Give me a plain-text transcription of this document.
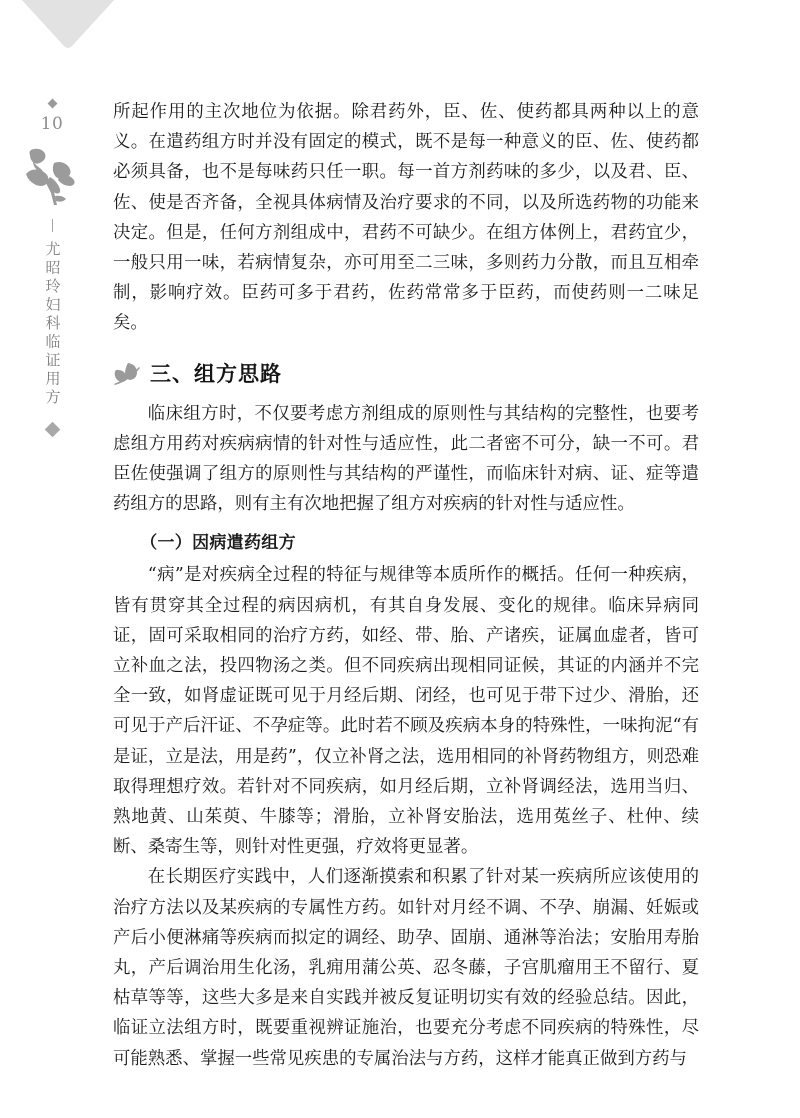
10
尤昭玲妇科临证用方

所起作用的主次地位为依据。除君药外，臣、佐、使药都具两种以上的意义。在遣药组方时并没有固定的模式，既不是每一种意义的臣、佐、使药都必须具备，也不是每味药只任一职。每一首方剂药味的多少，以及君、臣、佐、使是否齐备，全视具体病情及治疗要求的不同，以及所选药物的功能来决定。但是，任何方剂组成中，君药不可缺少。在组方体例上，君药宜少，一般只用一味，若病情复杂，亦可用至二三味，多则药力分散，而且互相牵制，影响疗效。臣药可多于君药，佐药常常多于臣药，而使药则一二味足矣。

三、组方思路

临床组方时，不仅要考虑方剂组成的原则性与其结构的完整性，也要考虑组方用药对疾病病情的针对性与适应性，此二者密不可分，缺一不可。君臣佐使强调了组方的原则性与其结构的严谨性，而临床针对病、证、症等遣药组方的思路，则有主有次地把握了组方对疾病的针对性与适应性。

（一）因病遣药组方

“病”是对疾病全过程的特征与规律等本质所作的概括。任何一种疾病，皆有贯穿其全过程的病因病机，有其自身发展、变化的规律。临床异病同证，固可采取相同的治疗方药，如经、带、胎、产诸疾，证属血虚者，皆可立补血之法，投四物汤之类。但不同疾病出现相同证候，其证的内涵并不完全一致，如肾虚证既可见于月经后期、闭经，也可见于带下过少、滑胎，还可见于产后汗证、不孕症等。此时若不顾及疾病本身的特殊性，一味拘泥“有是证，立是法，用是药”，仅立补肾之法，选用相同的补肾药物组方，则恐难取得理想疗效。若针对不同疾病，如月经后期，立补肾调经法，选用当归、熟地黄、山茱萸、牛膝等；滑胎，立补肾安胎法，选用菟丝子、杜仲、续断、桑寄生等，则针对性更强，疗效将更显著。

在长期医疗实践中，人们逐渐摸索和积累了针对某一疾病所应该使用的治疗方法以及某疾病的专属性方药。如针对月经不调、不孕、崩漏、妊娠或产后小便淋痛等疾病而拟定的调经、助孕、固崩、通淋等治法；安胎用寿胎丸，产后调治用生化汤，乳痈用蒲公英、忍冬藤，子宫肌瘤用王不留行、夏枯草等等，这些大多是来自实践并被反复证明切实有效的经验总结。因此，临证立法组方时，既要重视辨证施治，也要充分考虑不同疾病的特殊性，尽可能熟悉、掌握一些常见疾患的专属治法与方药，这样才能真正做到方药与
